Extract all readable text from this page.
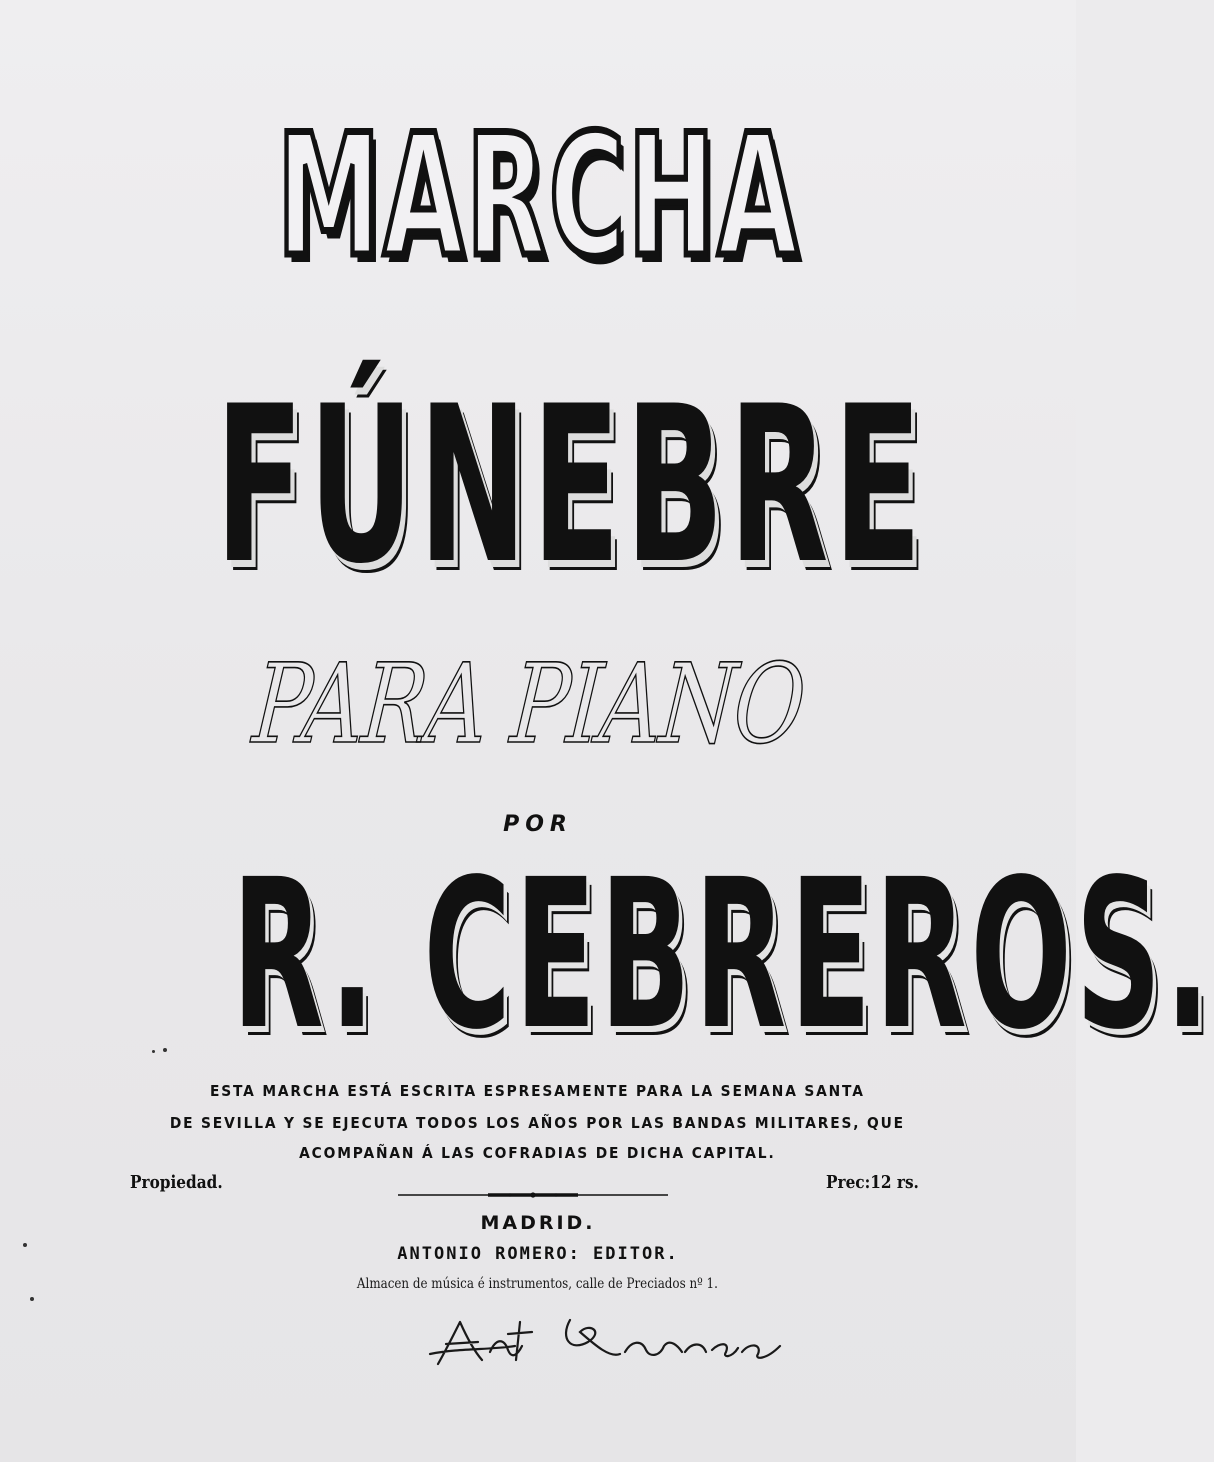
MARCHA
FÚNEBRE
PARA PIANO
POR
R. CEBREROS.
ESTA MARCHA ESTÁ ESCRITA ESPRESAMENTE PARA LA SEMANA SANTA
DE SEVILLA Y SE EJECUTA TODOS LOS AÑOS POR LAS BANDAS MILITARES, QUE
ACOMPAÑAN Á LAS COFRADIAS DE DICHA CAPITAL.
Propiedad.	Prec:12 rs.
MADRID.
ANTONIO ROMERO: EDITOR.
Almacen de música é instrumentos, calle de Preciados nº 1.
